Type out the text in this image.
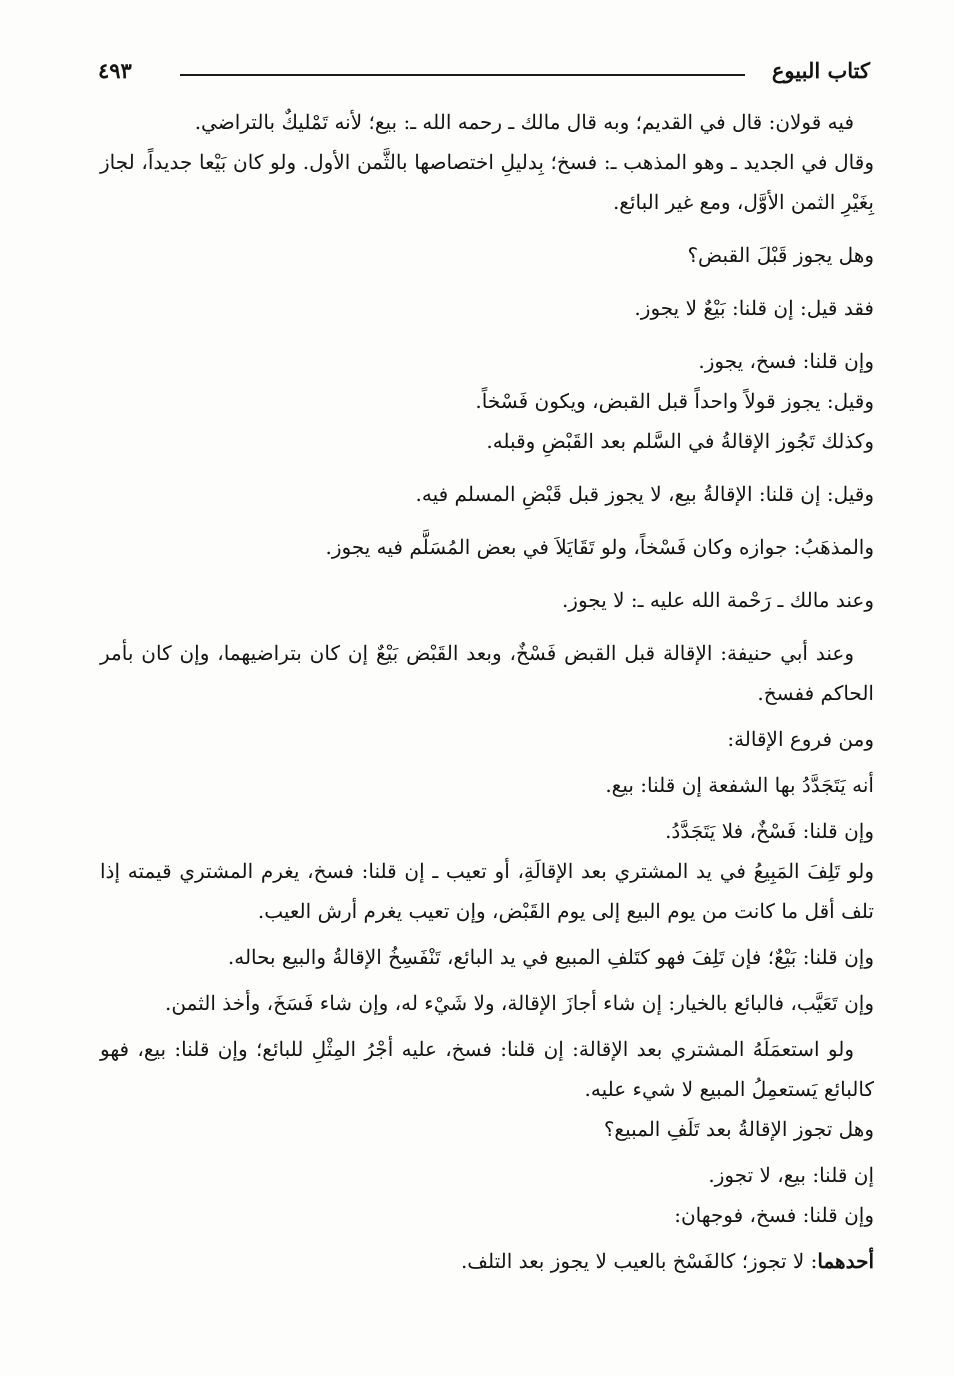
كتاب البيوع
٤٩٣

فيه قولان: قال في القديم؛ وبه قال مالك ـ رحمه الله ـ: بيع؛ لأنه تَمْليكٌ بالتراضي.

وقال في الجديد ـ وهو المذهب ـ: فسخ؛ بِدليلِ اختصاصها بالثَّمن الأول. ولو كان بَيْعا جديداً، لجاز بِغَيْرِ الثمن الأوَّل، ومع غير البائع.

وهل يجوز قَبْلَ القبض؟

فقد قيل: إن قلنا: بَيْعٌ لا يجوز.

وإن قلنا: فسخ، يجوز.

وقيل: يجوز قولاً واحداً قبل القبض، ويكون فَسْخاً.

وكذلك تَجُوز الإقالةُ في السَّلم بعد القَبْضِ وقبله.

وقيل: إن قلنا: الإقالةُ بيع، لا يجوز قبل قَبْضِ المسلم فيه.

والمذهَبُ: جوازه وكان فَسْخاً، ولو تَقَايَلاَ في بعض المُسَلَّم فيه يجوز.

وعند مالك ـ رَحْمة الله عليه ـ: لا يجوز.

وعند أبي حنيفة: الإقالة قبل القبض فَسْخٌ، وبعد القَبْض بَيْعٌ إن كان بتراضيهما، وإن كان بأمر الحاكم ففسخ.

ومن فروع الإقالة:

أنه يَتَجَدَّدُ بها الشفعة إن قلنا: بيع.

وإن قلنا: فَسْخٌ، فلا يَتَجَدَّدُ.

ولو تَلِفَ المَبِيعُ في يد المشتري بعد الإقالَةِ، أو تعيب ـ إن قلنا: فسخ، يغرم المشتري قيمته إذا تلف أقل ما كانت من يوم البيع إلى يوم القَبْض، وإن تعيب يغرم أرش العيب.

وإن قلنا: بَيْعٌ؛ فإن تَلِفَ فهو كتَلفِ المبيع في يد البائع، تَنْفَسِخُ الإقالةُ والبيع بحاله.

وإن تَعَيَّب، فالبائع بالخيار: إن شاء أجازَ الإقالة، ولا شَيْء له، وإن شاء فَسَخَ، وأخذ الثمن.

ولو استعمَلَهُ المشتري بعد الإقالة: إن قلنا: فسخ، عليه أجْرُ المِثْلِ للبائع؛ وإن قلنا: بيع، فهو كالبائع يَستعمِلُ المبيع لا شيء عليه.

وهل تجوز الإقالةُ بعد تَلَفِ المبيع؟

إن قلنا: بيع، لا تجوز.

وإن قلنا: فسخ، فوجهان:

أحدهما: لا تجوز؛ كالفَسْخ بالعيب لا يجوز بعد التلف.
